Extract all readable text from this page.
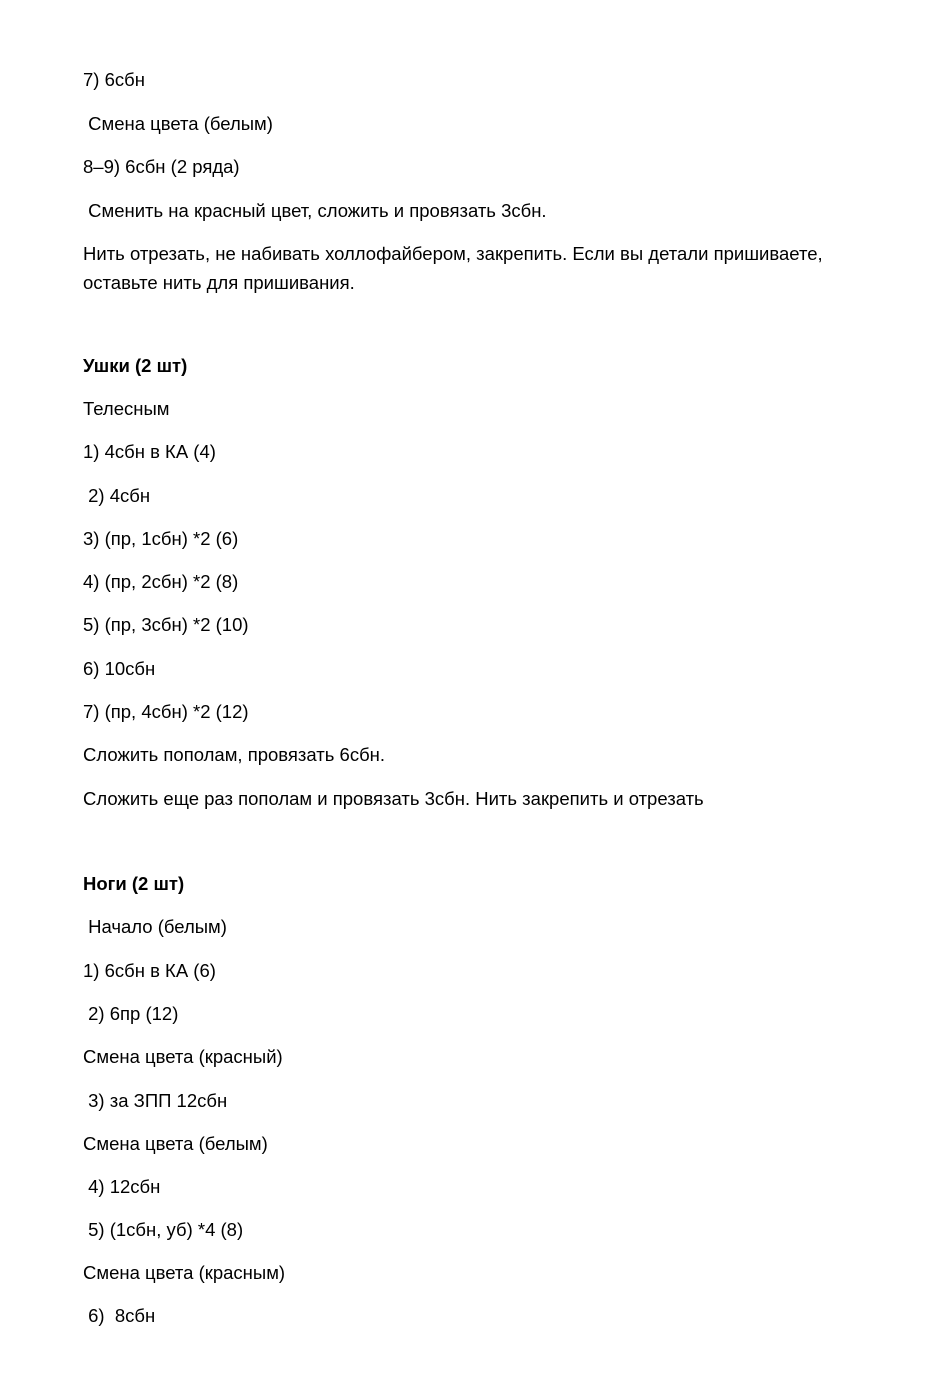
7) 6сбн

Смена цвета (белым)

8–9) 6сбн (2 ряда)

Сменить на красный цвет, сложить и провязать 3сбн.

Нить отрезать, не набивать холлофайбером, закрепить. Если вы детали пришиваете, оставьте нить для пришивания.

Ушки (2 шт)

Телесным

1) 4сбн в КА (4)

2) 4сбн

3) (пр, 1сбн) *2 (6)

4) (пр, 2сбн) *2 (8)

5) (пр, 3сбн) *2 (10)

6) 10сбн

7) (пр, 4сбн) *2 (12)

Сложить пополам, провязать 6сбн.

Сложить еще раз пополам и провязать 3сбн. Нить закрепить и отрезать

Ноги (2 шт)

Начало (белым)

1) 6сбн в КА (6)

2) 6пр (12)

Смена цвета (красный)

3) за ЗПП 12сбн

Смена цвета (белым)

4) 12сбн

5) (1сбн, уб) *4 (8)

Смена цвета (красным)

6)  8сбн
